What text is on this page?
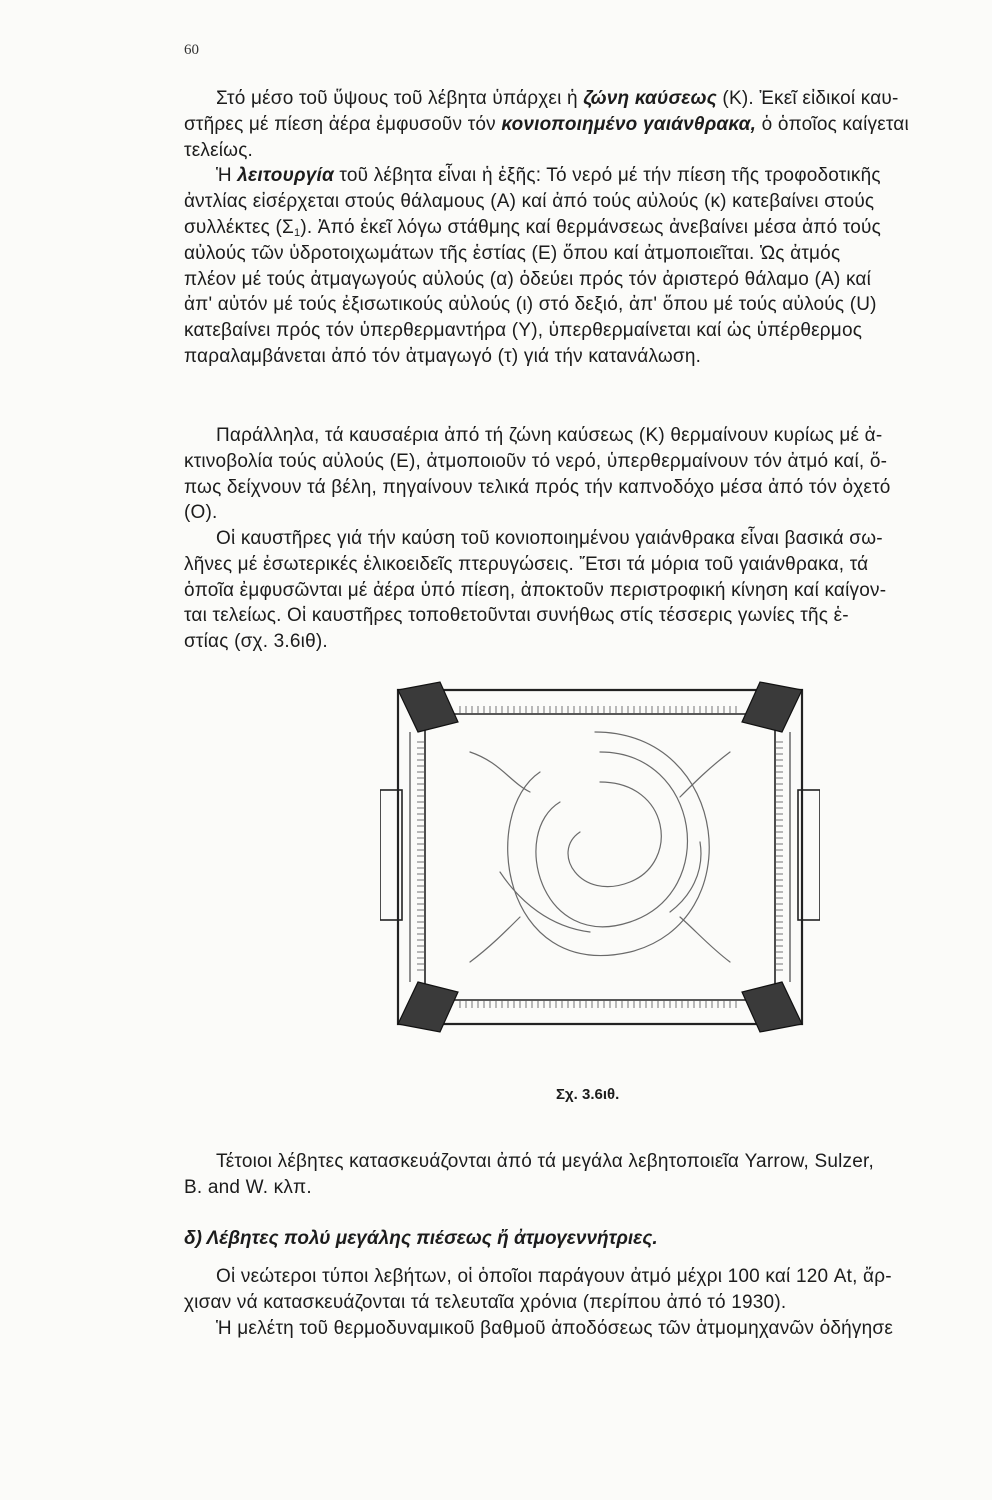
60
Στό μέσο τοῦ ὕψους τοῦ λέβητα ὑπάρχει ἡ ζώνη καύσεως (Κ). Ἐκεῖ εἰδικοί καυ-
στῆρες μέ πίεση ἀέρα ἐμφυσοῦν τόν κονιοποιημένο γαιάνθρακα, ὁ ὁποῖος καίγεται
τελείως.
Ἡ λειτουργία τοῦ λέβητα εἶναι ἡ ἑξῆς: Τό νερό μέ τήν πίεση τῆς τροφοδοτικῆς
ἀντλίας εἰσέρχεται στούς θάλαμους (Α) καί ἀπό τούς αὐλούς (κ) κατεβαίνει στούς
συλλέκτες $(\Sigma_1)$. Ἀπό ἐκεῖ λόγω στάθμης καί θερμάνσεως ἀνεβαίνει μέσα ἀπό τούς
αὐλούς τῶν ὑδροτοιχωμάτων τῆς ἑστίας (Ε) ὅπου καί ἀτμοποιεῖται. Ὡς ἀτμός
πλέον μέ τούς ἀτμαγωγούς αὐλούς (α) ὁδεύει πρός τόν ἀριστερό θάλαμο (Α) καί
ἀπ' αὐτόν μέ τούς ἐξισωτικούς αὐλούς (ι) στό δεξιό, ἀπ' ὅπου μέ τούς αὐλούς (U)
κατεβαίνει πρός τόν ὑπερθερμαντήρα (Υ), ὑπερθερμαίνεται καί ὡς ὑπέρθερμος
παραλαμβάνεται ἀπό τόν ἀτμαγωγό (τ) γιά τήν κατανάλωση.
Παράλληλα, τά καυσαέρια ἀπό τή ζώνη καύσεως (Κ) θερμαίνουν κυρίως μέ ἀ-
κτινοβολία τούς αὐλούς (Ε), ἀτμοποιοῦν τό νερό, ὑπερθερμαίνουν τόν ἀτμό καί, ὅ-
πως δείχνουν τά βέλη, πηγαίνουν τελικά πρός τήν καπνοδόχο μέσα ἀπό τόν ὀχετό
(Ο).
Οἱ καυστῆρες γιά τήν καύση τοῦ κονιοποιημένου γαιάνθρακα εἶναι βασικά σω-
λῆνες μέ ἐσωτερικές ἑλικοειδεῖς πτερυγώσεις. Ἔτσι τά μόρια τοῦ γαιάνθρακα, τά
ὁποῖα ἐμφυσῶνται μέ ἀέρα ὑπό πίεση, ἀποκτοῦν περιστροφική κίνηση καί καίγον-
ται τελείως. Οἱ καυστῆρες τοποθετοῦνται συνήθως στίς τέσσερις γωνίες τῆς ἑ-
στίας (σχ. 3.6ιθ).
Σχ. 3.6ιθ.
Τέτοιοι λέβητες κατασκευάζονται ἀπό τά μεγάλα λεβητοποιεῖα Yarrow, Sulzer,
B. and W. κλπ.
δ) Λέβητες πολύ μεγάλης πιέσεως ἤ ἀτμογεννήτριες.
Οἱ νεώτεροι τύποι λεβήτων, οἱ ὁποῖοι παράγουν ἀτμό μέχρι 100 καί 120 At, ἄρ-
χισαν νά κατασκευάζονται τά τελευταῖα χρόνια (περίπου ἀπό τό 1930).
Ἡ μελέτη τοῦ θερμοδυναμικοῦ βαθμοῦ ἀποδόσεως τῶν ἀτμομηχανῶν ὁδήγησε
